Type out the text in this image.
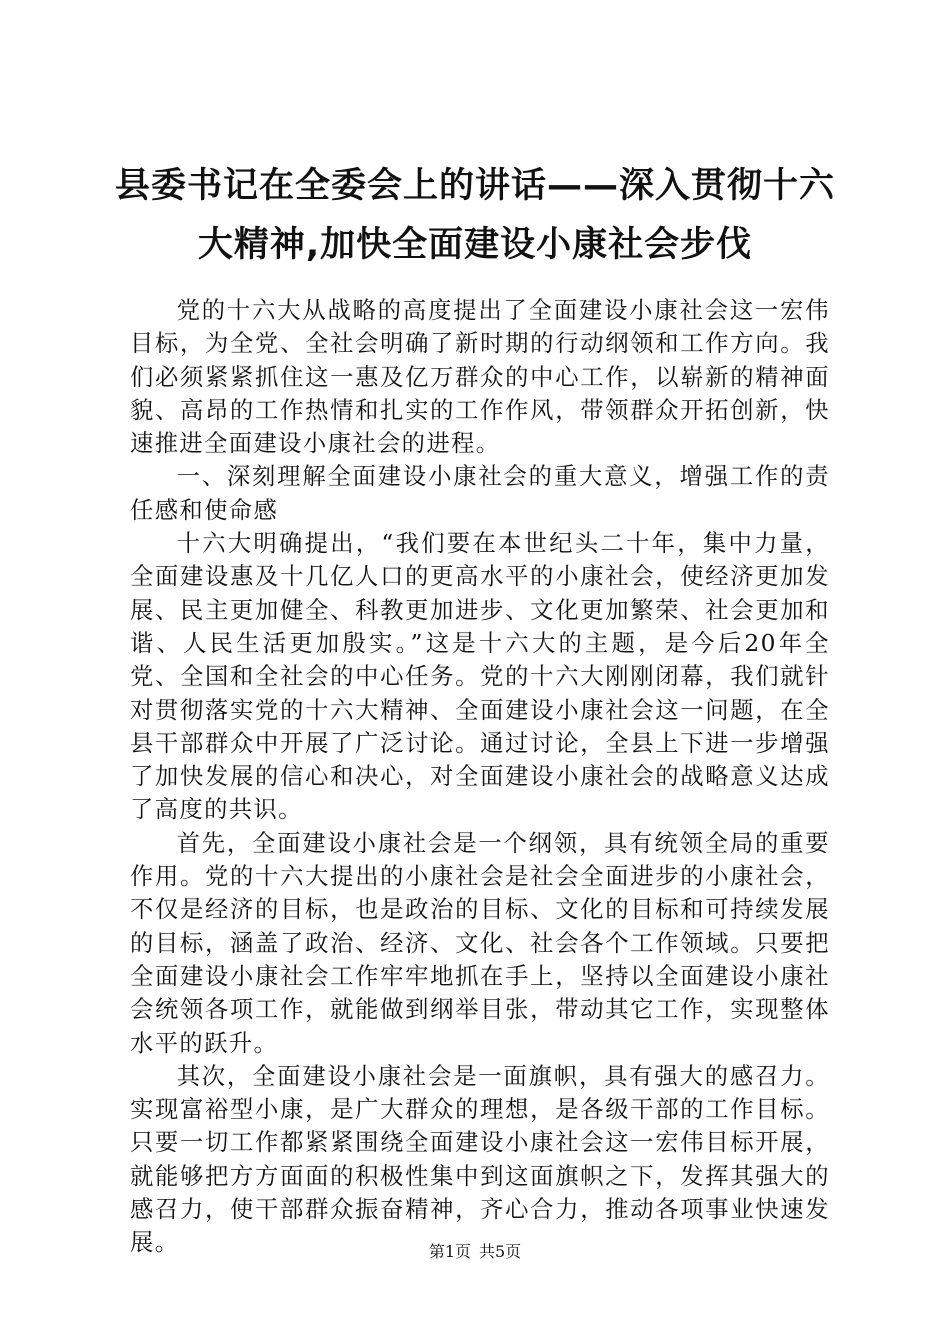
县委书记在全委会上的讲话——深入贯彻十六
大精神,加快全面建设小康社会步伐

党的十六大从战略的高度提出了全面建设小康社会这一宏伟目标，为全党、全社会明确了新时期的行动纲领和工作方向。我们必须紧紧抓住这一惠及亿万群众的中心工作，以崭新的精神面貌、高昂的工作热情和扎实的工作作风，带领群众开拓创新，快速推进全面建设小康社会的进程。

一、深刻理解全面建设小康社会的重大意义，增强工作的责任感和使命感

十六大明确提出，“我们要在本世纪头二十年，集中力量，全面建设惠及十几亿人口的更高水平的小康社会，使经济更加发展、民主更加健全、科教更加进步、文化更加繁荣、社会更加和谐、人民生活更加殷实。”这是十六大的主题，是今后20年全党、全国和全社会的中心任务。党的十六大刚刚闭幕，我们就针对贯彻落实党的十六大精神、全面建设小康社会这一问题，在全县干部群众中开展了广泛讨论。通过讨论，全县上下进一步增强了加快发展的信心和决心，对全面建设小康社会的战略意义达成了高度的共识。

首先，全面建设小康社会是一个纲领，具有统领全局的重要作用。党的十六大提出的小康社会是社会全面进步的小康社会，不仅是经济的目标，也是政治的目标、文化的目标和可持续发展的目标，涵盖了政治、经济、文化、社会各个工作领域。只要把全面建设小康社会工作牢牢地抓在手上，坚持以全面建设小康社会统领各项工作，就能做到纲举目张，带动其它工作，实现整体水平的跃升。

其次，全面建设小康社会是一面旗帜，具有强大的感召力。实现富裕型小康，是广大群众的理想，是各级干部的工作目标。只要一切工作都紧紧围绕全面建设小康社会这一宏伟目标开展，就能够把方方面面的积极性集中到这面旗帜之下，发挥其强大的感召力，使干部群众振奋精神，齐心合力，推动各项事业快速发展。	第1页 共5页
